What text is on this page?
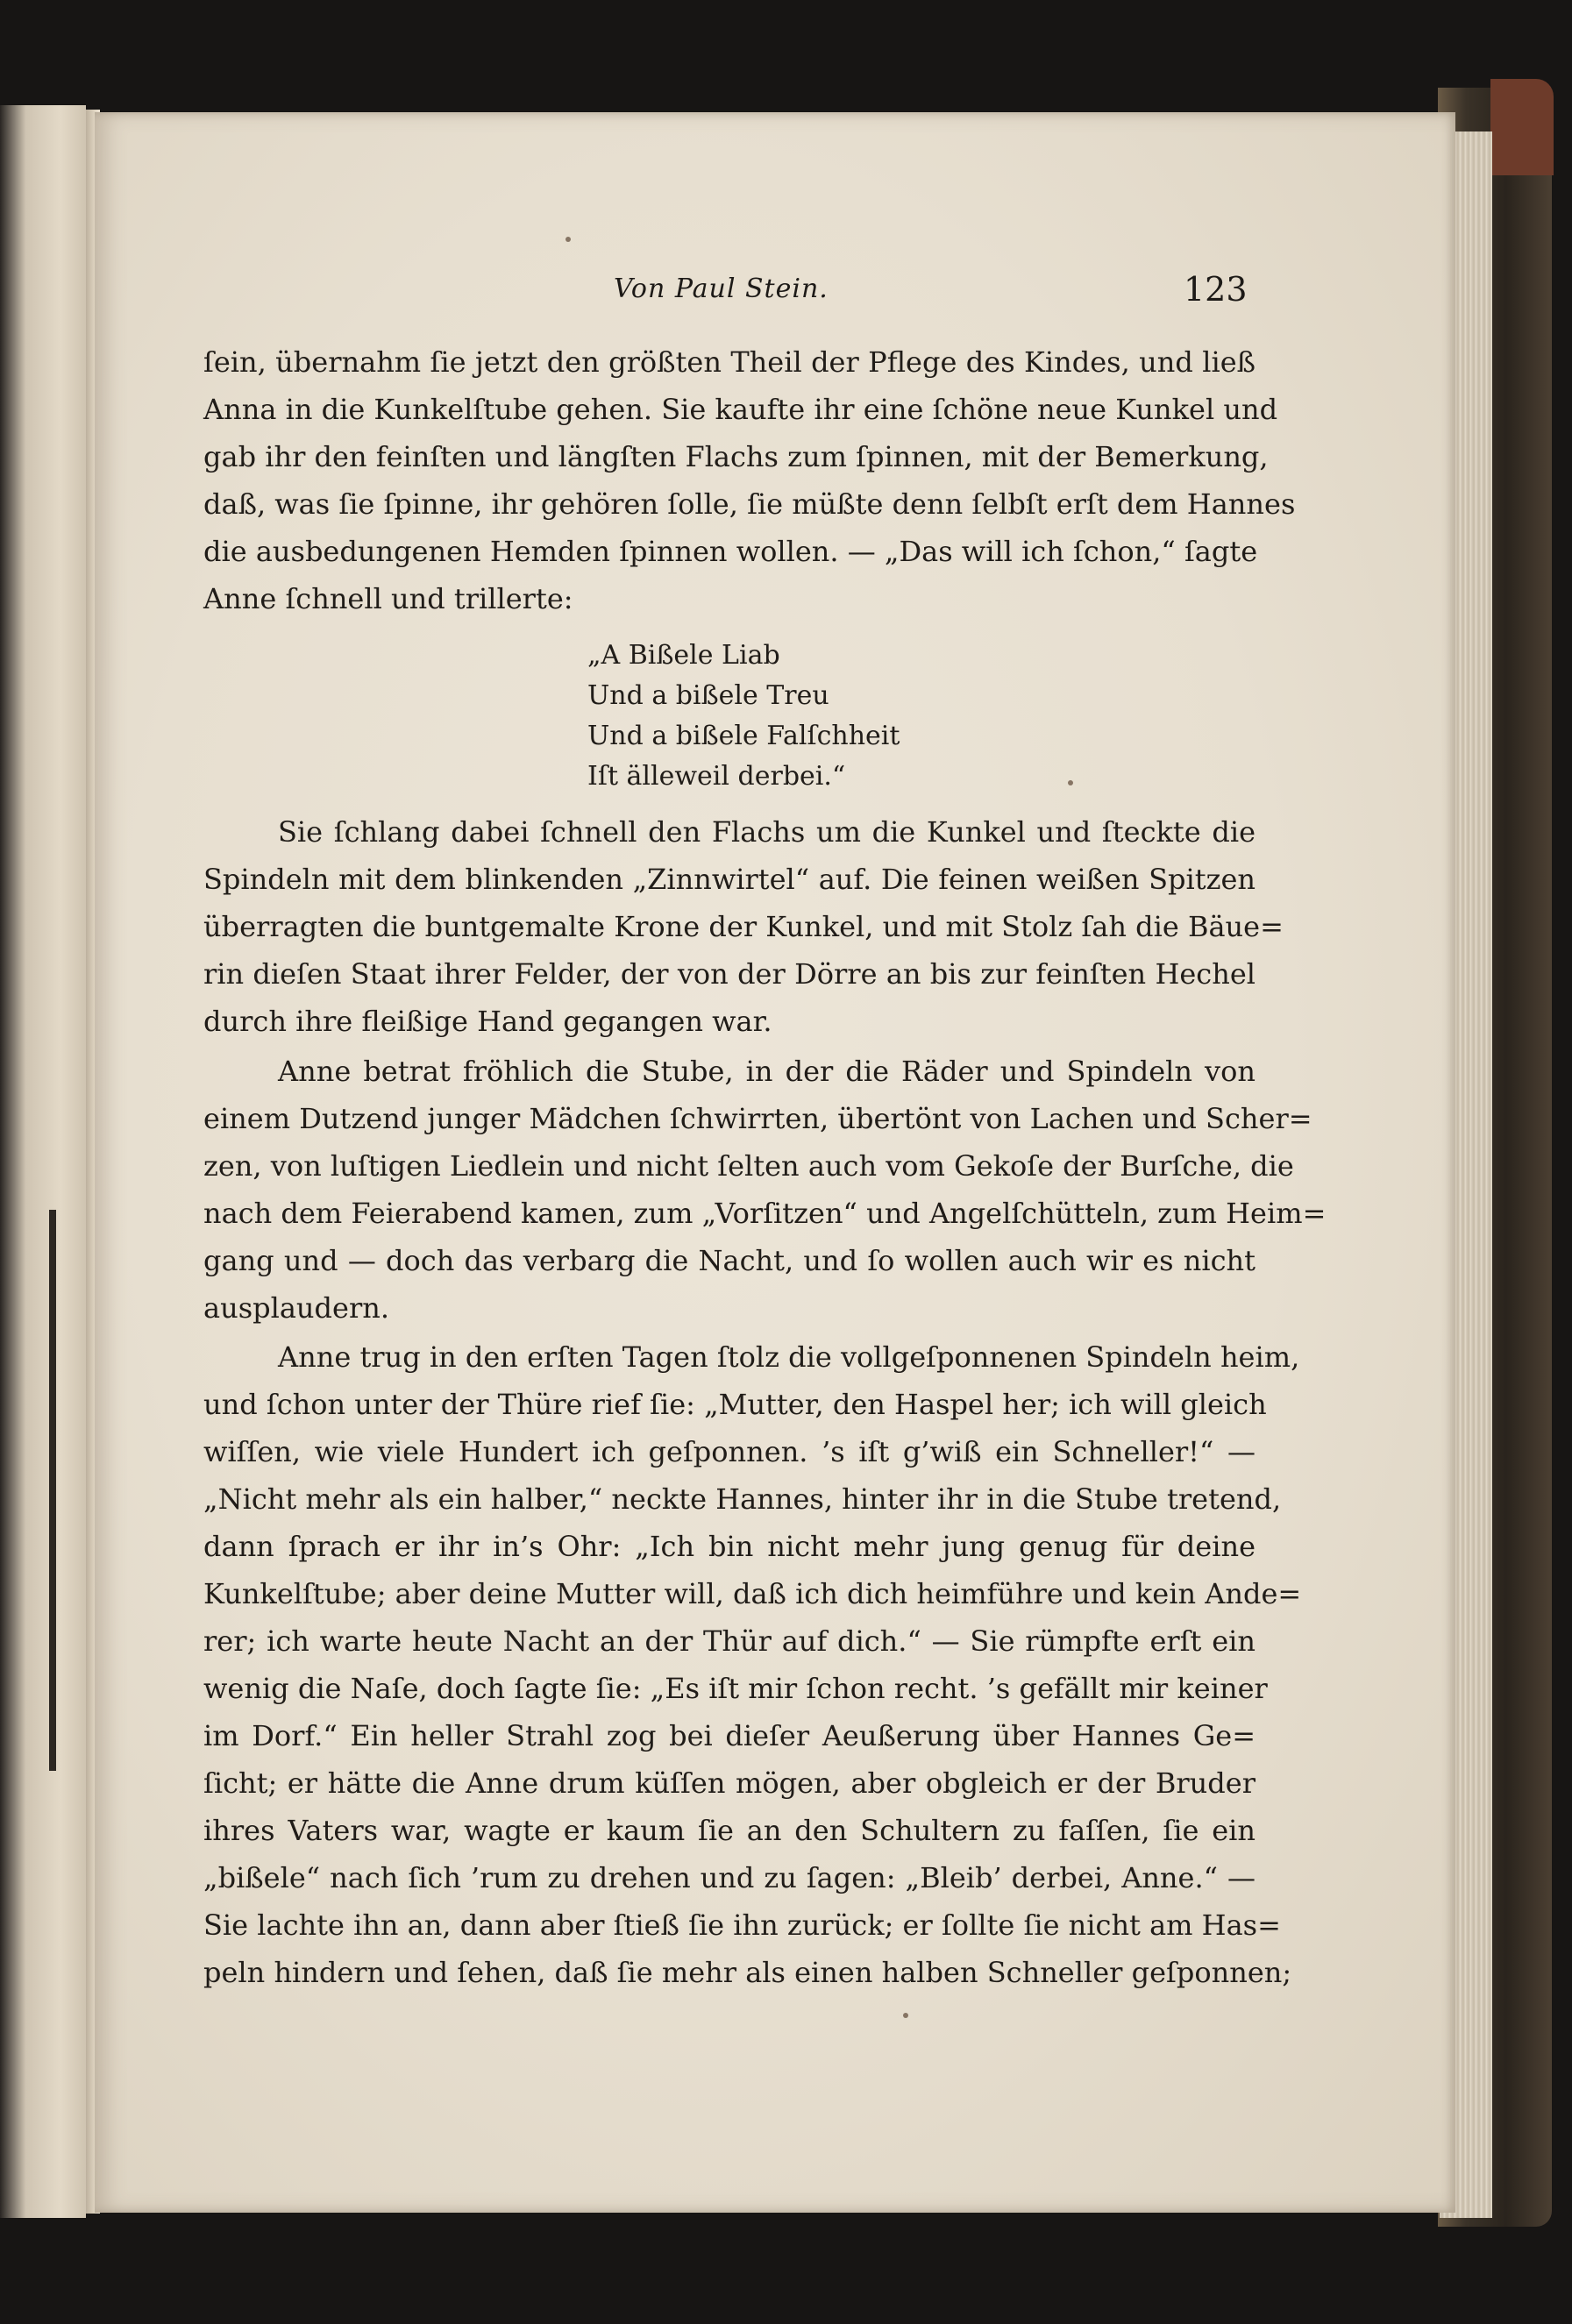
Von Paul Stein.	123
ſein, übernahm ſie jetzt den größten Theil der Pflege des Kindes, und ließ
Anna in die Kunkelſtube gehen. Sie kaufte ihr eine ſchöne neue Kunkel und
gab ihr den feinſten und längſten Flachs zum ſpinnen, mit der Bemerkung,
daß, was ſie ſpinne, ihr gehören ſolle, ſie müßte denn ſelbſt erſt dem Hannes
die ausbedungenen Hemden ſpinnen wollen. — „Das will ich ſchon,“ ſagte
Anne ſchnell und trillerte:
„A Bißele Liab
Und a bißele Treu
Und a bißele Falſchheit
Iſt älleweil derbei.“
Sie ſchlang dabei ſchnell den Flachs um die Kunkel und ſteckte die
Spindeln mit dem blinkenden „Zinnwirtel“ auf. Die feinen weißen Spitzen
überragten die buntgemalte Krone der Kunkel, und mit Stolz ſah die Bäue=
rin dieſen Staat ihrer Felder, der von der Dörre an bis zur feinſten Hechel
durch ihre fleißige Hand gegangen war.
Anne betrat fröhlich die Stube, in der die Räder und Spindeln von
einem Dutzend junger Mädchen ſchwirrten, übertönt von Lachen und Scher=
zen, von luſtigen Liedlein und nicht ſelten auch vom Gekoſe der Burſche, die
nach dem Feierabend kamen, zum „Vorſitzen“ und Angelſchütteln, zum Heim=
gang und — doch das verbarg die Nacht, und ſo wollen auch wir es nicht
ausplaudern.
Anne trug in den erſten Tagen ſtolz die vollgeſponnenen Spindeln heim,
und ſchon unter der Thüre rief ſie: „Mutter, den Haspel her; ich will gleich
wiſſen, wie viele Hundert ich geſponnen. ’s iſt g’wiß ein Schneller!“ —
„Nicht mehr als ein halber,“ neckte Hannes, hinter ihr in die Stube tretend,
dann ſprach er ihr in’s Ohr: „Ich bin nicht mehr jung genug für deine
Kunkelſtube; aber deine Mutter will, daß ich dich heimführe und kein Ande=
rer; ich warte heute Nacht an der Thür auf dich.“ — Sie rümpfte erſt ein
wenig die Naſe, doch ſagte ſie: „Es iſt mir ſchon recht. ’s gefällt mir keiner
im Dorf.“ Ein heller Strahl zog bei dieſer Aeußerung über Hannes Ge=
ſicht; er hätte die Anne drum küſſen mögen, aber obgleich er der Bruder
ihres Vaters war, wagte er kaum ſie an den Schultern zu faſſen, ſie ein
„bißele“ nach ſich ’rum zu drehen und zu ſagen: „Bleib’ derbei, Anne.“ —
Sie lachte ihn an, dann aber ſtieß ſie ihn zurück; er ſollte ſie nicht am Has=
peln hindern und ſehen, daß ſie mehr als einen halben Schneller geſponnen;
